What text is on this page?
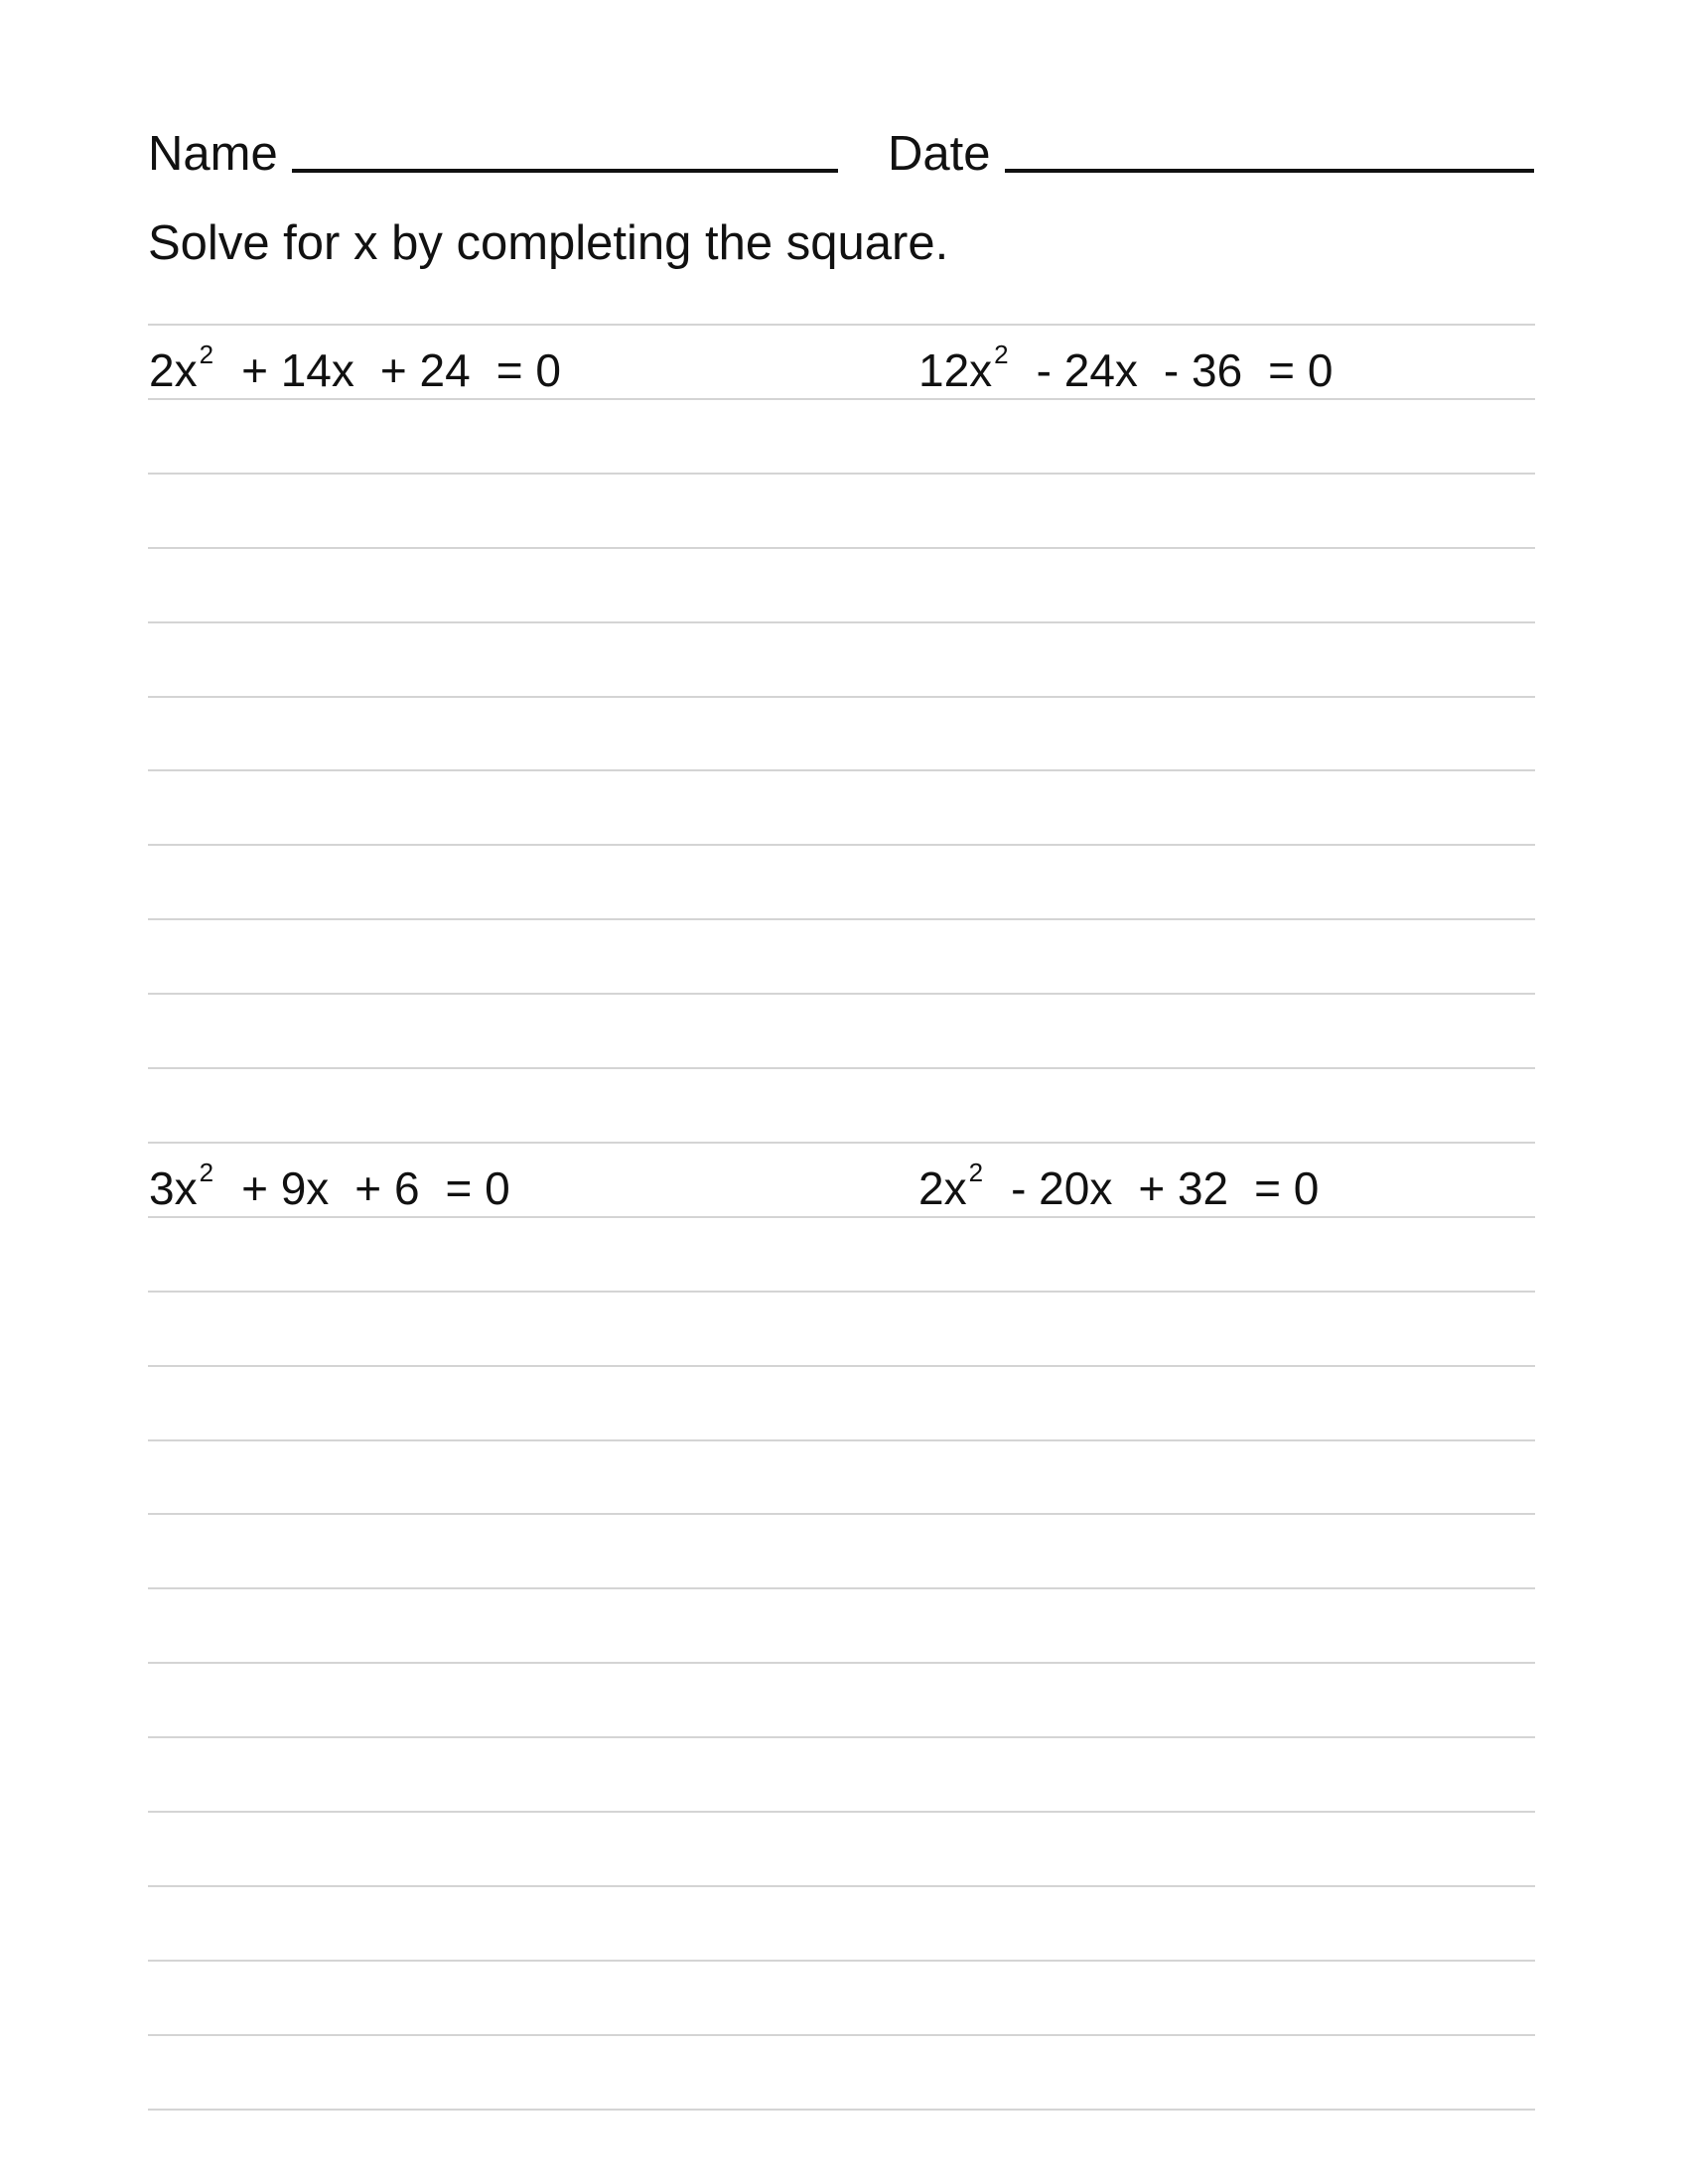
Name	Date
Solve for x by completing the square.
$2x^2 + 14x + 24 = 0$	$12x^2 - 24x - 36 = 0$
$3x^2 + 9x + 6 = 0$	$2x^2 - 20x + 32 = 0$
